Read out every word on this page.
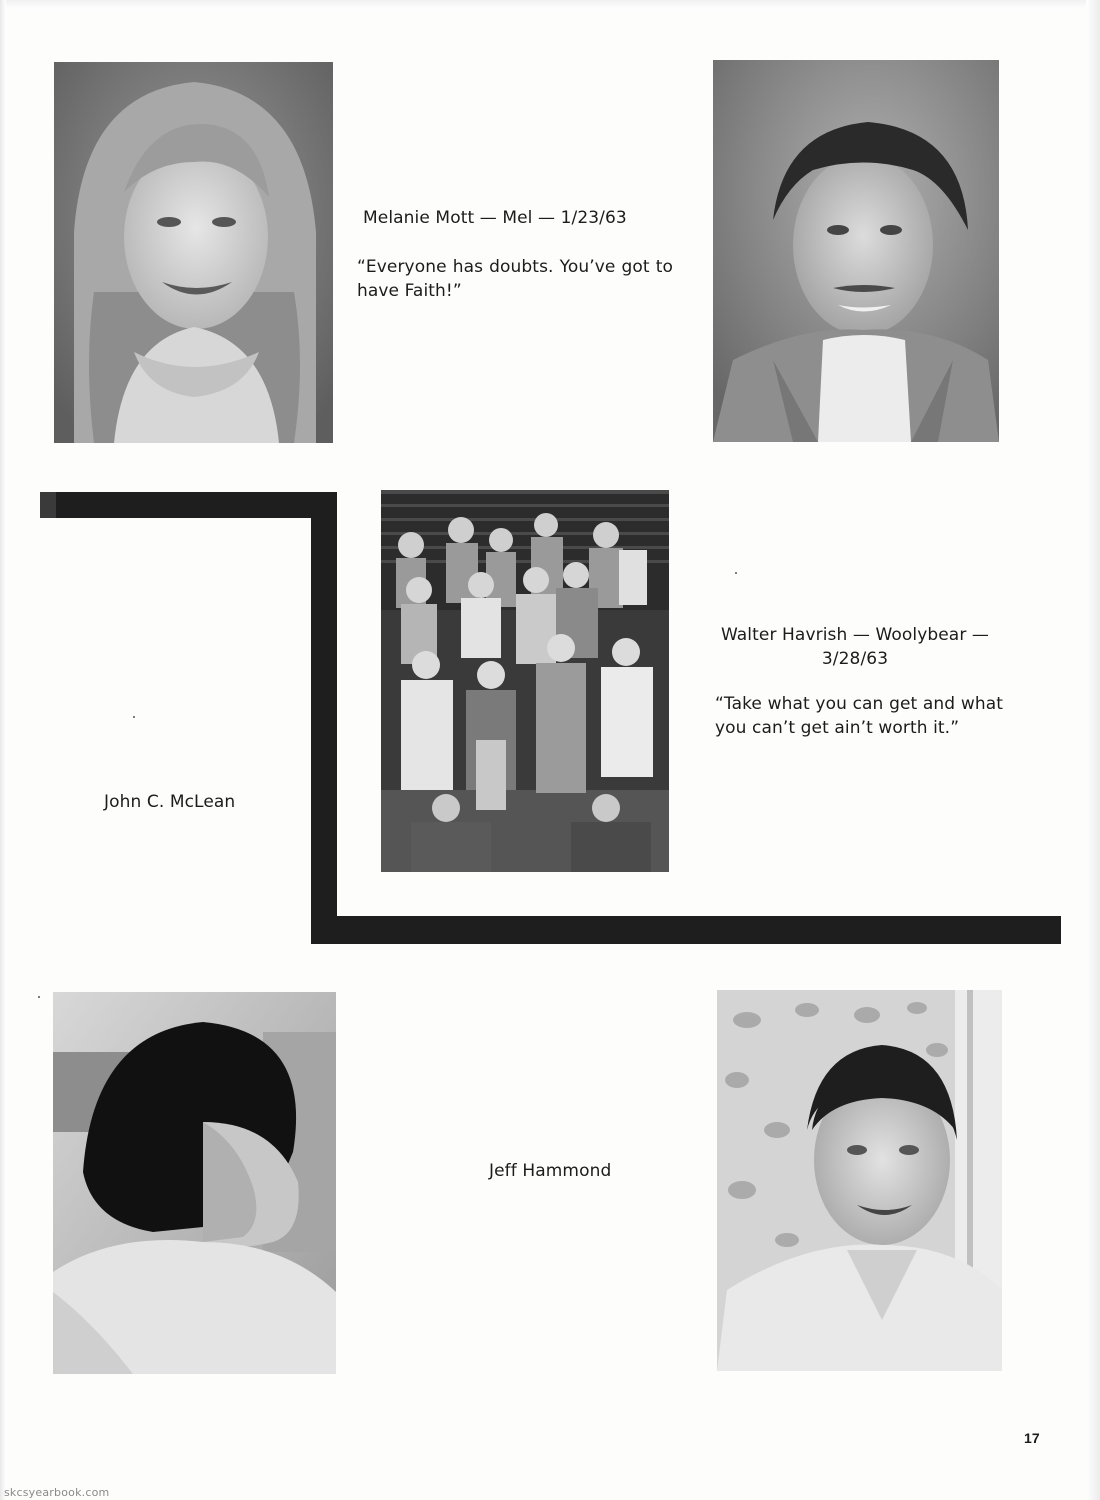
Melanie Mott — Mel — 1/23/63
“Everyone has doubts. You’ve got to have Faith!”
Walter Havrish — Woolybear —
3/28/63
“Take what you can get and what you can’t get ain’t worth it.”
John C. McLean
Jeff Hammond
17
skcsyearbook.com
